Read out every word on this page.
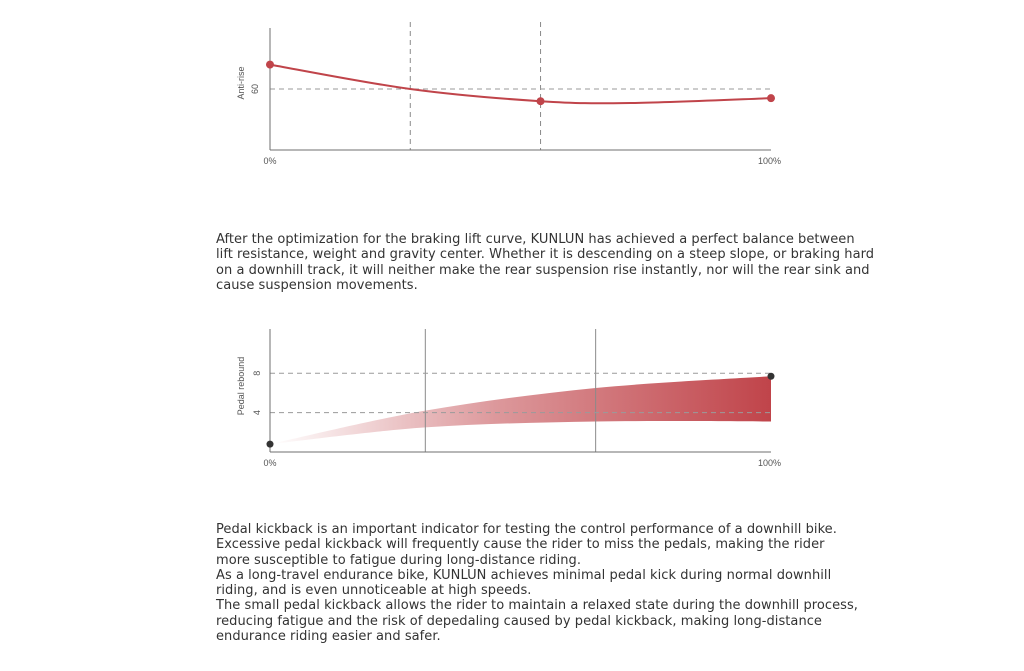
0%	100%
60
Anti-rise
0%	100%
4
8
Pedal rebound

After the optimization for the braking lift curve, KUNLUN has achieved a perfect balance between
lift resistance, weight and gravity center. Whether it is descending on a steep slope, or braking hard
on a downhill track, it will neither make the rear suspension rise instantly, nor will the rear sink and
cause suspension movements.

Pedal kickback is an important indicator for testing the control performance of a downhill bike.
Excessive pedal kickback will frequently cause the rider to miss the pedals, making the rider
more susceptible to fatigue during long-distance riding.
As a long-travel endurance bike, KUNLUN achieves minimal pedal kick during normal downhill
riding, and is even unnoticeable at high speeds.
The small pedal kickback allows the rider to maintain a relaxed state during the downhill process,
reducing fatigue and the risk of depedaling caused by pedal kickback, making long-distance
endurance riding easier and safer.
